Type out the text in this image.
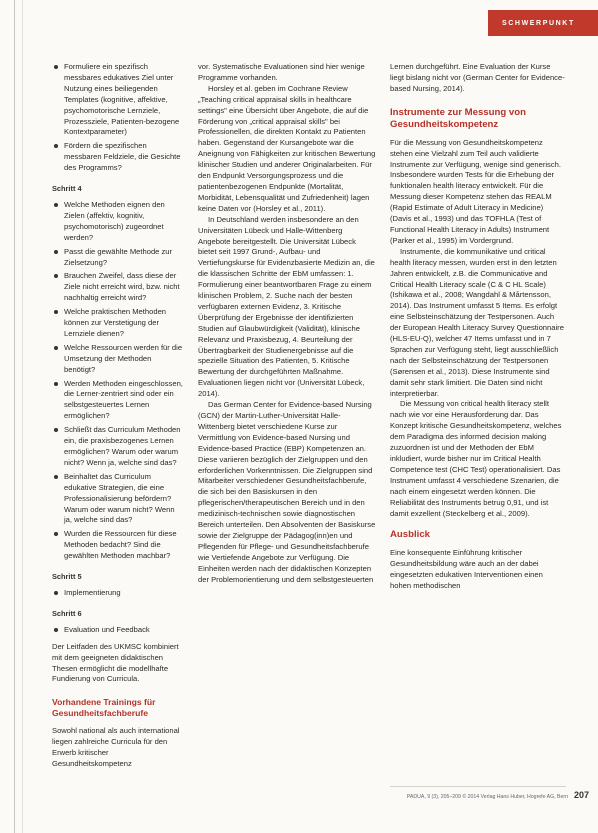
SCHWERPUNKT
Formuliere ein spezifisch messbares edukatives Ziel unter Nutzung eines beiliegenden Templates (kognitive, affektive, psychomotorische Lernziele, Prozessziele, Patienten-bezogene Kontextparameter)
Fördern die spezifischen messbaren Feldziele, die Gesichte des Programms?
Schritt 4
Welche Methoden eignen den Zielen (affektiv, kognitiv, psychomotorisch) zugeordnet werden?
Passt die gewählte Methode zur Zielsetzung?
Brauchen Zweifel, dass diese der Ziele nicht erreicht wird, bzw. nicht nachhaltig erreicht wird?
Welche praktischen Methoden können zur Verstetigung der Lernziele dienen?
Welche Ressourcen werden für die Umsetzung der Methoden benötigt?
Werden Methoden eingeschlossen, die Lerner-zentriert sind oder ein selbstgesteuertes Lernen ermöglichen?
Schließt das Curriculum Methoden ein, die praxisbezogenes Lernen ermöglichen? Warum oder warum nicht? Wenn ja, welche sind das?
Beinhaltet das Curriculum edukative Strategien, die eine Professionalisierung befördern? Warum oder warum nicht? Wenn ja, welche sind das?
Wurden die Ressourcen für diese Methoden bedacht? Sind die gewählten Methoden machbar?
Schritt 5
Implementierung
Schritt 6
Evaluation und Feedback

Der Leitfaden des UKMSC kombiniert mit dem geeigneten didaktischen Thesen ermöglicht die modellhafte Fundierung von Curricula.

Vorhandene Trainings für Gesundheitsfachberufe

Sowohl national als auch international liegen zahlreiche Curricula für den Erwerb kritischer Gesundheitskompetenz

vor. Systematische Evaluationen sind hier wenige Programme vorhanden.

Horsley et al. geben im Cochrane Review „Teaching critical appraisal skills in healthcare settings" eine Übersicht über Angebote, die auf die Förderung von „critical appraisal skills" bei Professionellen, die direkten Kontakt zu Patienten haben. Gegenstand der Kursangebote war die Aneignung von Fähigkeiten zur kritischen Bewertung klinischer Studien und anderer Originalarbeiten. Für den Endpunkt Versorgungsprozess und die patientenbezogenen Endpunkte (Mortalität, Morbidität, Lebensqualität und Zufriedenheit) lagen keine Daten vor (Horsley et al., 2011).

In Deutschland werden insbesondere an den Universitäten Lübeck und Halle-Wittenberg Angebote bereitgestellt. Die Universität Lübeck bietet seit 1997 Grund-, Aufbau- und Vertiefungskurse für Evidenzbasierte Medizin an, die die klassischen Schritte der EbM umfassen: 1. Formulierung einer beantwortbaren Frage zu einem klinischen Problem, 2. Suche nach der besten verfügbaren externen Evidenz, 3. Kritische Überprüfung der Ergebnisse der identifizierten Studien auf Glaubwürdigkeit (Validität), klinische Relevanz und Praxisbezug, 4. Beurteilung der Übertragbarkeit der Studienergebnisse auf die spezielle Situation des Patienten, 5. Kritische Bewertung der durchgeführten Maßnahme. Evaluationen liegen nicht vor (Universität Lübeck, 2014).

Das German Center for Evidence-based Nursing (GCN) der Martin-Luther-Universität Halle-Wittenberg bietet verschiedene Kurse zur Vermittlung von Evidence-based Nursing und Evidence-based Practice (EBP) Kompetenzen an. Diese variieren bezüglich der Zielgruppen und den erforderlichen Vorkenntnissen. Die Zielgruppen sind Mitarbeiter verschiedener Gesundheitsfachberufe, die sich bei den Basiskursen in den pflegerischen/therapeutischen Bereich und in den medizinisch-technischen sowie diagnostischen Bereich unterteilen. Den Absolventen der Basiskurse sowie der Zielgruppe der Pädagog(inn)en und Pflegenden für Pflege- und Gesundheitsfachberufe wie Vertiefende Angebote zur Verfügung. Die Einheiten werden nach der didaktischen Konzepten der Problemorientierung und dem selbstgesteuerten

Lernen durchgeführt. Eine Evaluation der Kurse liegt bislang nicht vor (German Center for Evidence-based Nursing, 2014).

Instrumente zur Messung von Gesundheitskompetenz

Für die Messung von Gesundheitskompetenz stehen eine Vielzahl zum Teil auch validierte Instrumente zur Verfügung, wenige sind generisch. Insbesondere wurden Tests für die Erhebung der funktionalen health literacy entwickelt. Für die Messung dieser Kompetenz stehen das REALM (Rapid Estimate of Adult Literacy in Medicine) (Davis et al., 1993) und das TOFHLA (Test of Functional Health Literacy in Adults) Instrument (Parker et al., 1995) im Vordergrund.

Instrumente, die kommunikative und critical health literacy messen, wurden erst in den letzten Jahren entwickelt, z.B. die Communicative and Critical Health Literacy scale (C & C HL Scale) (Ishikawa et al., 2008; Wangdahl & Mårtensson, 2014). Das Instrument umfasst 5 Items. Es erfolgt eine Selbsteinschätzung der Testpersonen. Auch der European Health Literacy Survey Questionnaire (HLS-EU-Q), welcher 47 Items umfasst und in 7 Sprachen zur Verfügung steht, liegt ausschließlich nach der Selbsteinschätzung der Testpersonen (Sørensen et al., 2013). Diese Instrumente sind damit sehr stark limitiert. Die Daten sind nicht interpretierbar.

Die Messung von critical health literacy stellt nach wie vor eine Herausforderung dar. Das Konzept kritische Gesundheitskompetenz, welches dem Paradigma des informed decision making zuzuordnen ist und der Methoden der EbM inkludiert, wurde bisher nur im Critical Health Competence test (CHC Test) operationalisiert. Das Instrument umfasst 4 verschiedene Szenarien, die nach einem eingesetzt werden können. Die Reliabilität des Instruments betrug 0,91, und ist damit exzellent (Steckelberg et al., 2009).

Ausblick

Eine konsequente Einführung kritischer Gesundheitsbildung wäre auch an der dabei eingesetzten edukativen Interventionen einen hohen methodischen

PADUA, 9 (3), 205–209 © 2014 Verlag Hans Huber, Hogrefe AG, Bern 207
